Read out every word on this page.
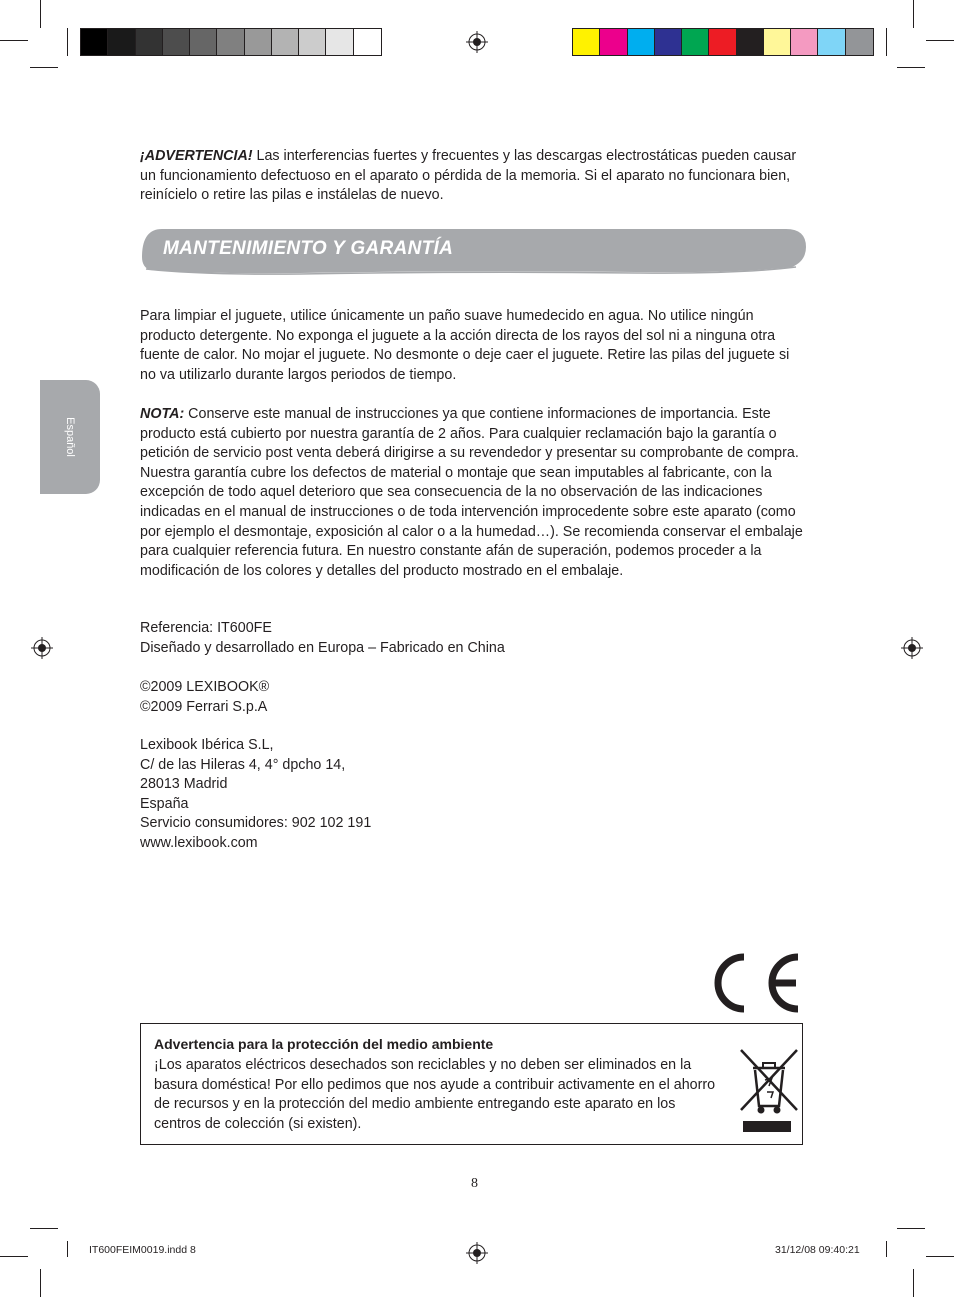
¡ADVERTENCIA! Las interferencias fuertes y frecuentes y las descargas electrostáticas pueden causar un funcionamiento defectuoso en el aparato o pérdida de la memoria. Si el aparato no funcionara bien, reinícielo o retire las pilas e instálelas de nuevo.
MANTENIMIENTO Y GARANTÍA
Español
Para limpiar el juguete, utilice únicamente un paño suave humedecido en agua. No utilice ningún producto detergente. No exponga el juguete a la acción directa de los rayos del sol ni a ninguna otra fuente de calor. No mojar el juguete. No desmonte o deje caer el juguete. Retire las pilas del juguete si no va utilizarlo durante largos periodos de tiempo.
NOTA: Conserve este manual de instrucciones ya que contiene informaciones de importancia. Este producto está cubierto por nuestra garantía de 2 años. Para cualquier reclamación bajo la garantía o petición de servicio post venta deberá dirigirse a su revendedor y presentar su comprobante de compra. Nuestra garantía cubre los defectos de material o montaje que sean imputables al fabricante, con la excepción de todo aquel deterioro que sea consecuencia de la no observación de las indicaciones indicadas en el manual de instrucciones o de toda intervención improcedente sobre este aparato (como por ejemplo el desmontaje, exposición al calor o a la humedad…). Se recomienda conservar el embalaje para cualquier referencia futura. En nuestro constante afán de superación, podemos proceder a la modificación de los colores y detalles del producto mostrado en el embalaje.
Referencia: IT600FE
Diseñado y desarrollado en Europa – Fabricado en China
©2009 LEXIBOOK®
©2009 Ferrari S.p.A
Lexibook Ibérica S.L,
C/ de las Hileras 4, 4° dpcho 14,
28013 Madrid
España
Servicio consumidores: 902 102 191
www.lexibook.com
Advertencia para la protección del medio ambiente
¡Los aparatos eléctricos desechados son reciclables y no deben ser eliminados en la basura doméstica! Por ello pedimos que nos ayude a contribuir activamente en el ahorro de recursos y en la protección del medio ambiente entregando este aparato en los centros de colección (si existen).
8
IT600FEIM0019.indd 8	31/12/08 09:40:21
